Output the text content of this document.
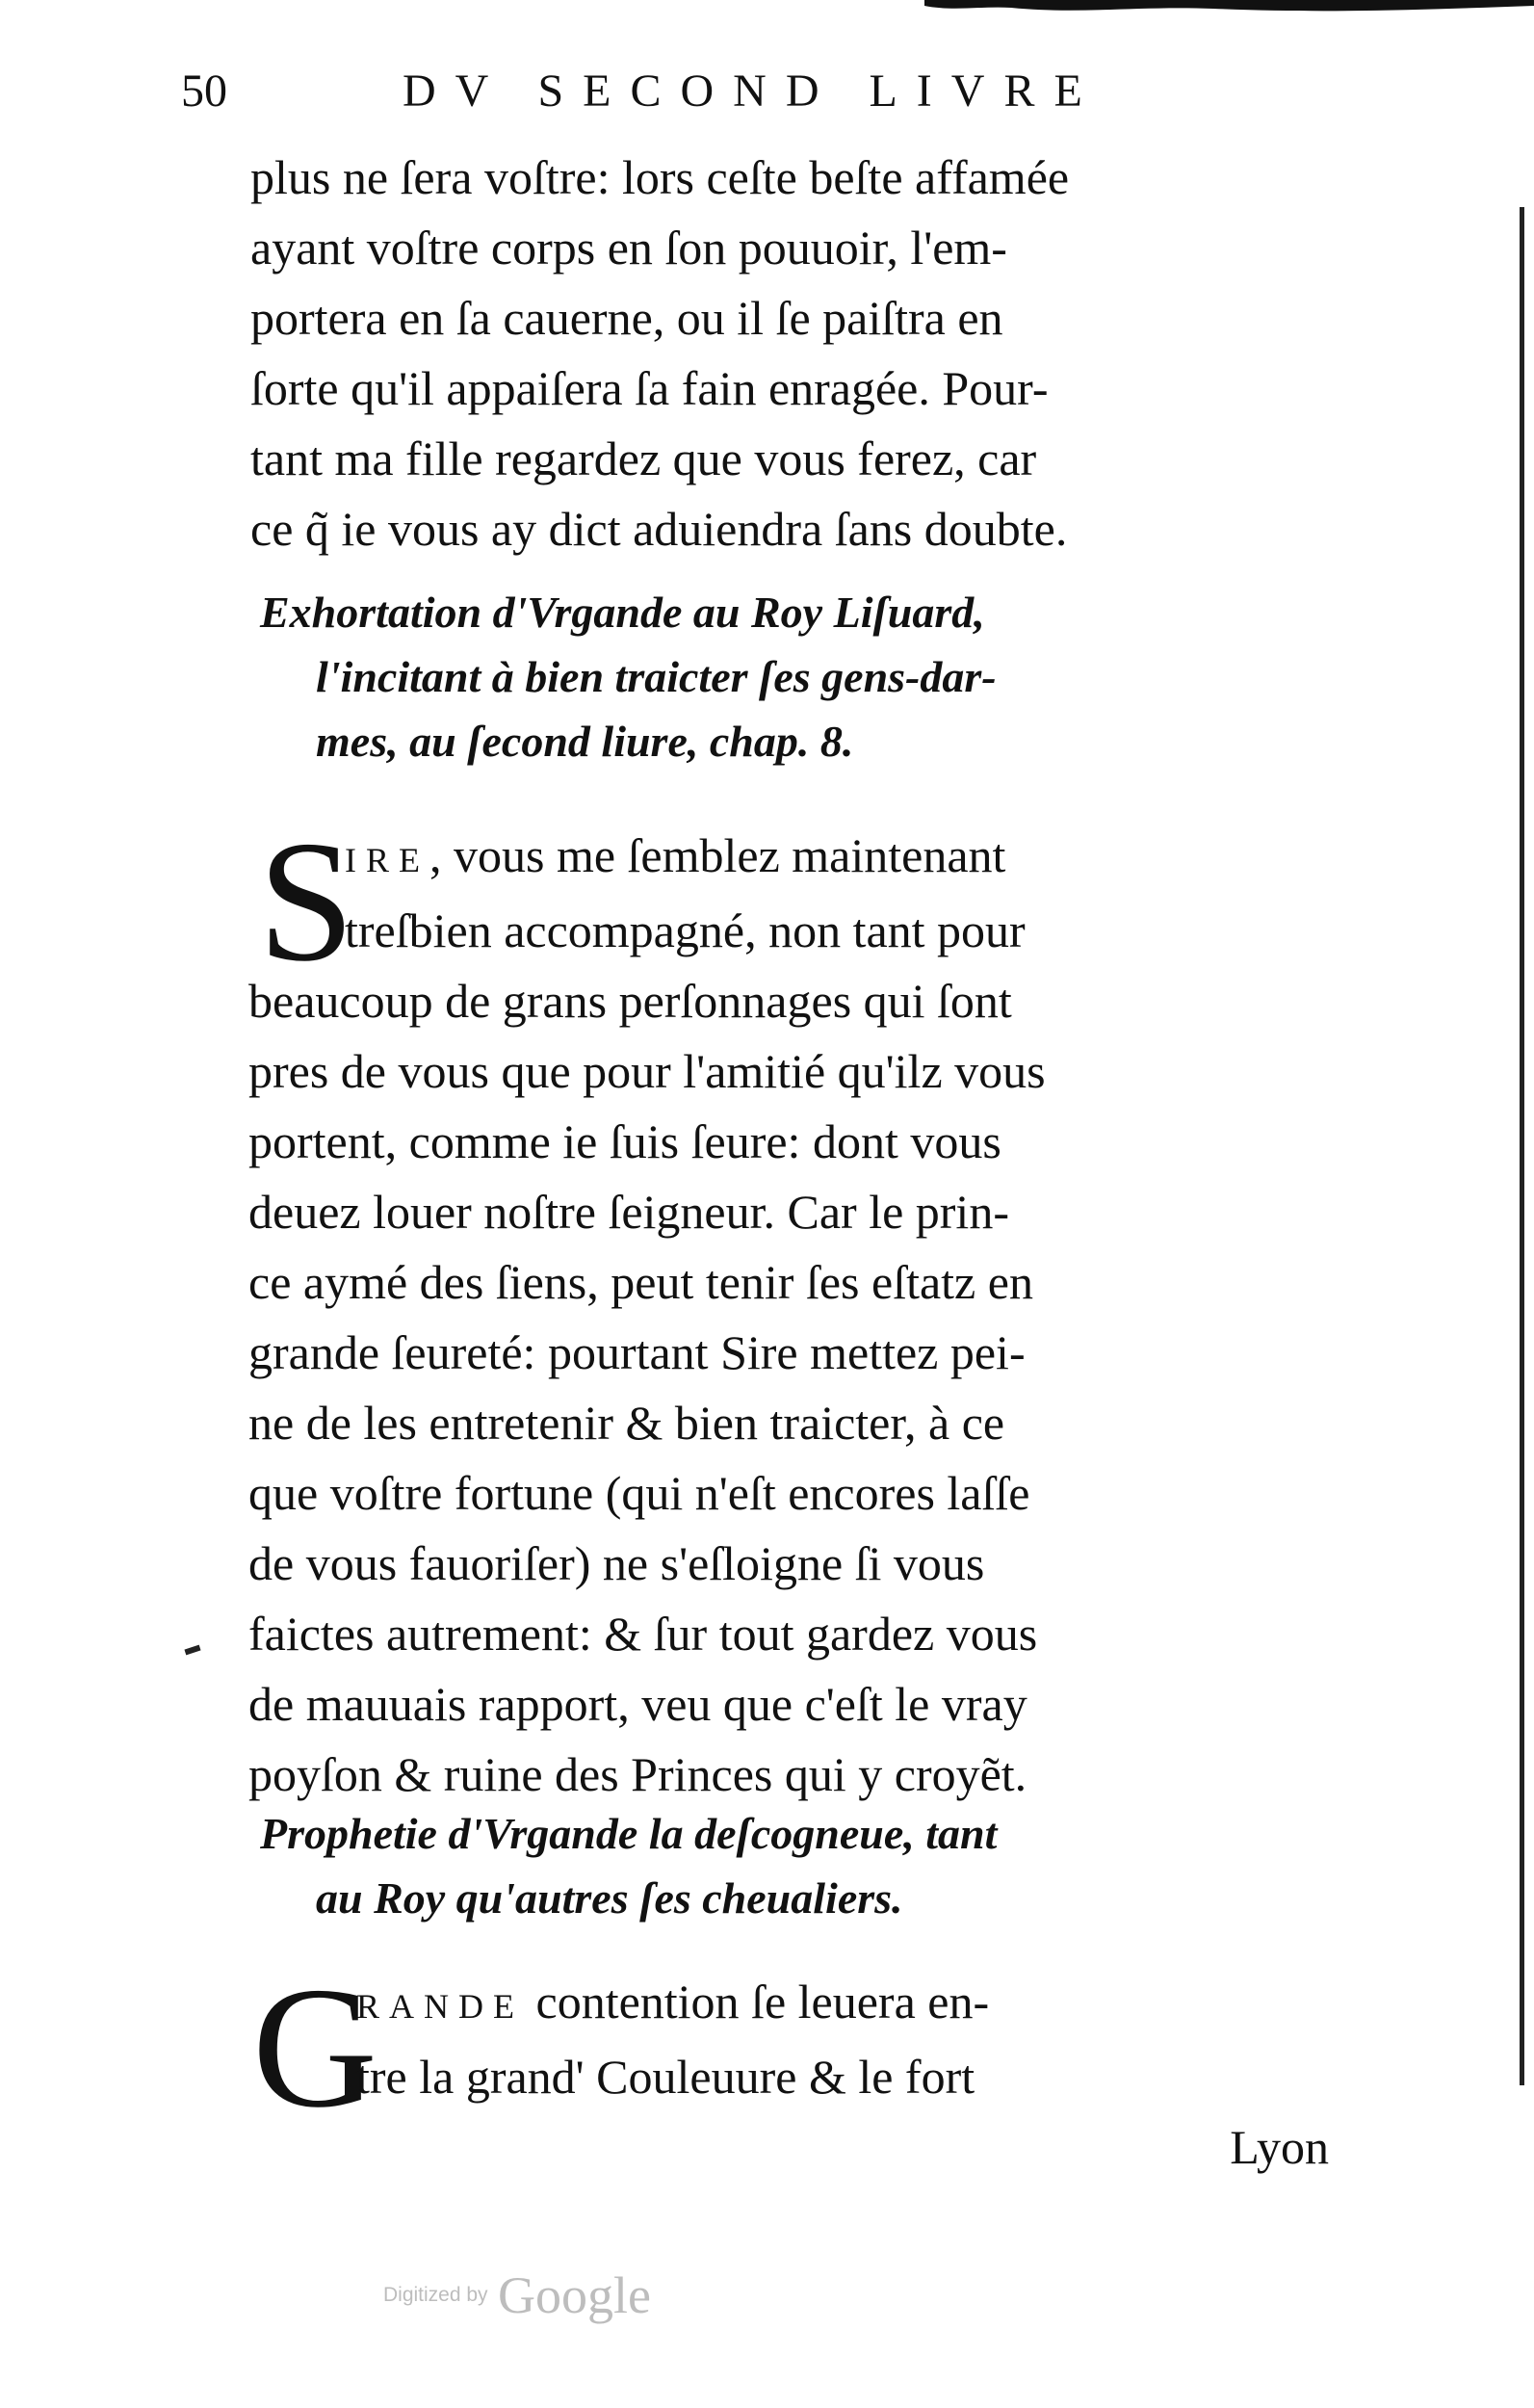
50	DV SECOND LIVRE
plus ne ſera voſtre: lors ceſte beſte affamée
ayant voſtre corps en ſon pouuoir, l'em-
portera en ſa cauerne, ou il ſe paiſtra en
ſorte qu'il appaiſera ſa fain enragée. Pour-
tant ma fille regardez que vous ferez, car
ce q̃ ie vous ay dict aduiendra ſans doubte.
Exhortation d'Vrgande au Roy Liſuard,
l'incitant à bien traicter ſes gens-dar-
mes, au ſecond liure, chap. 8.
S
IRE, vous me ſemblez maintenant
treſbien accompagné, non tant pour
beaucoup de grans perſonnages qui ſont
pres de vous que pour l'amitié qu'ilz vous
portent, comme ie ſuis ſeure: dont vous
deuez louer noſtre ſeigneur. Car le prin-
ce aymé des ſiens, peut tenir ſes eſtatz en
grande ſeureté: pourtant Sire mettez pei-
ne de les entretenir & bien traicter, à ce
que voſtre fortune (qui n'eſt encores laſſe
de vous fauoriſer) ne s'eſloigne ſi vous
faictes autrement: & ſur tout gardez vous
de mauuais rapport, veu que c'eſt le vray
poyſon & ruine des Princes qui y croyẽt.
Prophetie d'Vrgande la deſcogneue, tant
au Roy qu'autres ſes cheualiers.
G
RANDE contention ſe leuera en-
tre la grand' Couleuure & le fort
Lyon
Digitized by Google
